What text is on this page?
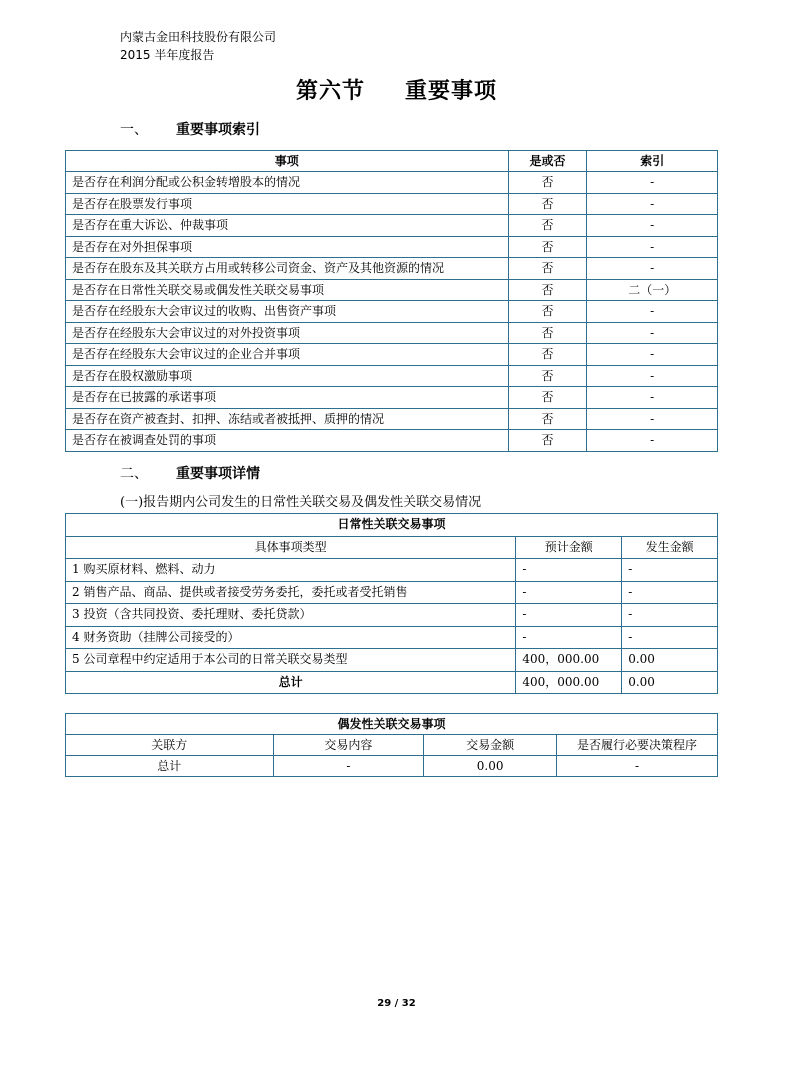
内蒙古金田科技股份有限公司
2015 半年度报告
第六节 重要事项
一、 重要事项索引
事项	是或否	索引
是否存在利润分配或公积金转增股本的情况	否	-
是否存在股票发行事项	否	-
是否存在重大诉讼、仲裁事项	否	-
是否存在对外担保事项	否	-
是否存在股东及其关联方占用或转移公司资金、资产及其他资源的情况	否	-
是否存在日常性关联交易或偶发性关联交易事项	否	二（一）
是否存在经股东大会审议过的收购、出售资产事项	否	-
是否存在经股东大会审议过的对外投资事项	否	-
是否存在经股东大会审议过的企业合并事项	否	-
是否存在股权激励事项	否	-
是否存在已披露的承诺事项	否	-
是否存在资产被查封、扣押、冻结或者被抵押、质押的情况	否	-
是否存在被调查处罚的事项	否	-
二、 重要事项详情
(一)报告期内公司发生的日常性关联交易及偶发性关联交易情况
日常性关联交易事项		
具体事项类型	预计金额	发生金额
1 购买原材料、燃料、动力	-	-
2 销售产品、商品、提供或者接受劳务委托，委托或者受托销售	-	-
3 投资（含共同投资、委托理财、委托贷款）	-	-
4 财务资助（挂牌公司接受的）	-	-
5 公司章程中约定适用于本公司的日常关联交易类型	400，000.00	0.00
总计	400，000.00	0.00
偶发性关联交易事项			
关联方	交易内容	交易金额	是否履行必要决策程序
总计	-	0.00	-
29 / 32
